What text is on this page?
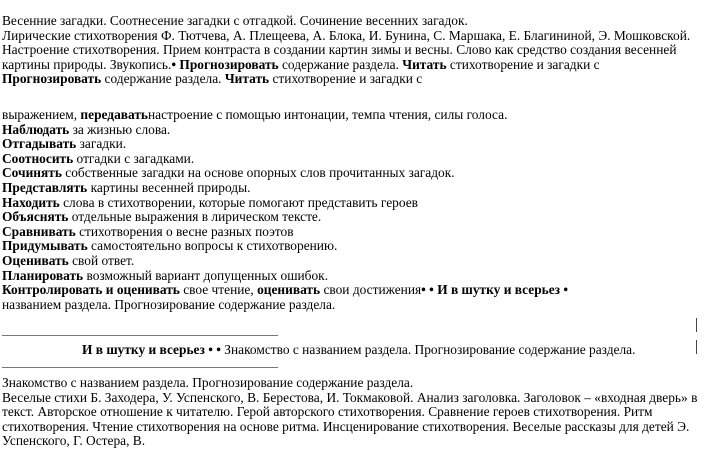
Весенние загадки. Соотнесение загадки с отгадкой. Сочинение весенних загадок.
Лирические стихотворения Ф. Тютчева, А. Плещеева, А. Блока, И. Бунина, С. Маршака, Е. Благининой, Э. Мошковской.
Настроение стихотворения. Прием контраста в создании картин зимы и весны. Слово как средство создания весенней
картины природы. Звукопись.• Прогнозировать содержание раздела. Читать стихотворение и загадки с
Прогнозировать содержание раздела. Читать стихотворение и загадки с
выражением, передаватьнастроение с помощью интонации, темпа чтения, силы голоса.
Наблюдать за жизнью слова.
Отгадывать загадки.
Соотносить отгадки с загадками.
Сочинять собственные загадки на основе опорных слов прочитанных загадок.
Представлять картины весенней природы.
Находить слова в стихотворении, которые помогают представить героев
Объяснять отдельные выражения в лирическом тексте.
Сравнивать стихотворения о весне разных поэтов
Придумывать самостоятельно вопросы к стихотворению.
Оценивать свой ответ.
Планировать возможный вариант допущенных ошибок.
Контролировать и оценивать свое чтение, оценивать свои достижения• • И в шутку и всерьез •
названием раздела. Прогнозирование содержание раздела.
И в шутку и всерьез • • Знакомство с названием раздела. Прогнозирование содержание раздела.
Знакомство с названием раздела. Прогнозирование содержание раздела.
Веселые стихи Б. Заходера, У. Успенского, В. Берестова, И. Токмаковой. Анализ заголовка. Заголовок – «входная дверь» в
текст. Авторское отношение к читателю. Герой авторского стихотворения. Сравнение героев стихотворения. Ритм
стихотворения. Чтение стихотворения на основе ритма. Инсценирование стихотворения. Веселые рассказы для детей Э.
Успенского, Г. Остера, В.
